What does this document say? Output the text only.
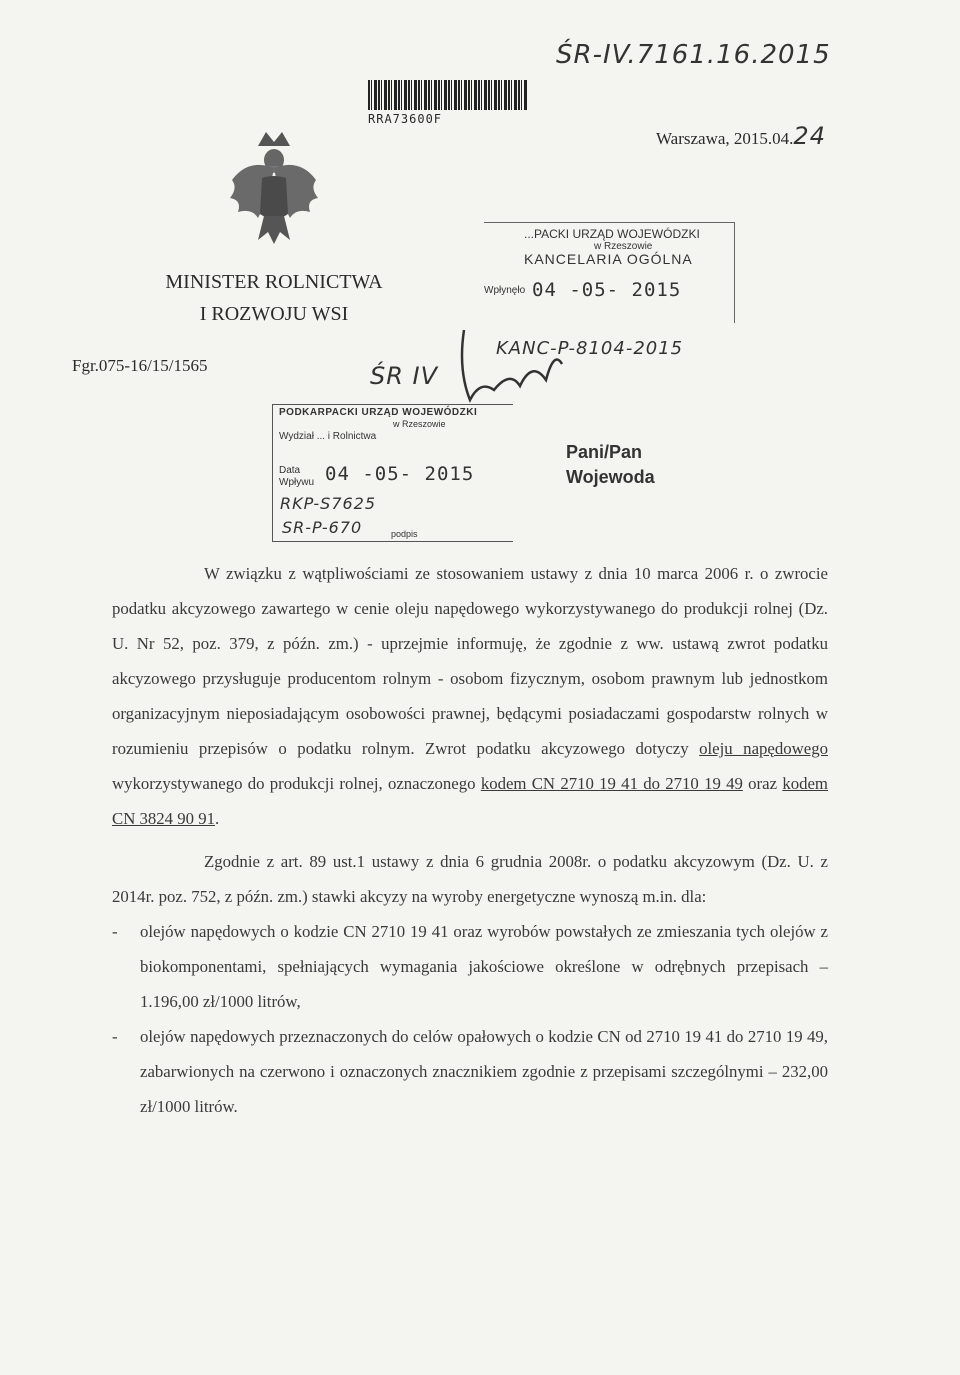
ŚR-IV.7161.16.2015
RRA73600F
Warszawa, 2015.04.24
MINISTER ROLNICTWA
I ROZWOJU WSI
Fgr.075-16/15/1565	ŚR IV
...PACKI URZĄD WOJEWÓDZKI
w Rzeszowie
KANCELARIA OGÓLNA
Wpłynęło 04 -05- 2015
KANC-P-8104-2015
PODKARPACKI URZĄD WOJEWÓDZKI
w Rzeszowie
Wydział ... i Rolnictwa
Data
Wpływu 04 -05- 2015
podpis
RKP-S7625
SR-P-670
Pani/Pan
Wojewoda

W związku z wątpliwościami ze stosowaniem ustawy z dnia 10 marca 2006 r. o zwrocie podatku akcyzowego zawartego w cenie oleju napędowego wykorzystywanego do produkcji rolnej (Dz. U. Nr 52, poz. 379, z późn. zm.) - uprzejmie informuję, że zgodnie z ww. ustawą zwrot podatku akcyzowego przysługuje producentom rolnym - osobom fizycznym, osobom prawnym lub jednostkom organizacyjnym nieposiadającym osobowości prawnej, będącymi posiadaczami gospodarstw rolnych w rozumieniu przepisów o podatku rolnym. Zwrot podatku akcyzowego dotyczy oleju napędowego wykorzystywanego do produkcji rolnej, oznaczonego kodem CN 2710 19 41 do 2710 19 49 oraz kodem CN 3824 90 91.

Zgodnie z art. 89 ust.1 ustawy z dnia 6 grudnia 2008r. o podatku akcyzowym (Dz. U. z 2014r. poz. 752, z późn. zm.) stawki akcyzy na wyroby energetyczne wynoszą m.in. dla:

- olejów napędowych o kodzie CN 2710 19 41 oraz wyrobów powstałych ze zmieszania tych olejów z biokomponentami, spełniających wymagania jakościowe określone w odrębnych przepisach – 1.196,00 zł/1000 litrów,
- olejów napędowych przeznaczonych do celów opałowych o kodzie CN od 2710 19 41 do 2710 19 49, zabarwionych na czerwono i oznaczonych znacznikiem zgodnie z przepisami szczególnymi – 232,00 zł/1000 litrów.
